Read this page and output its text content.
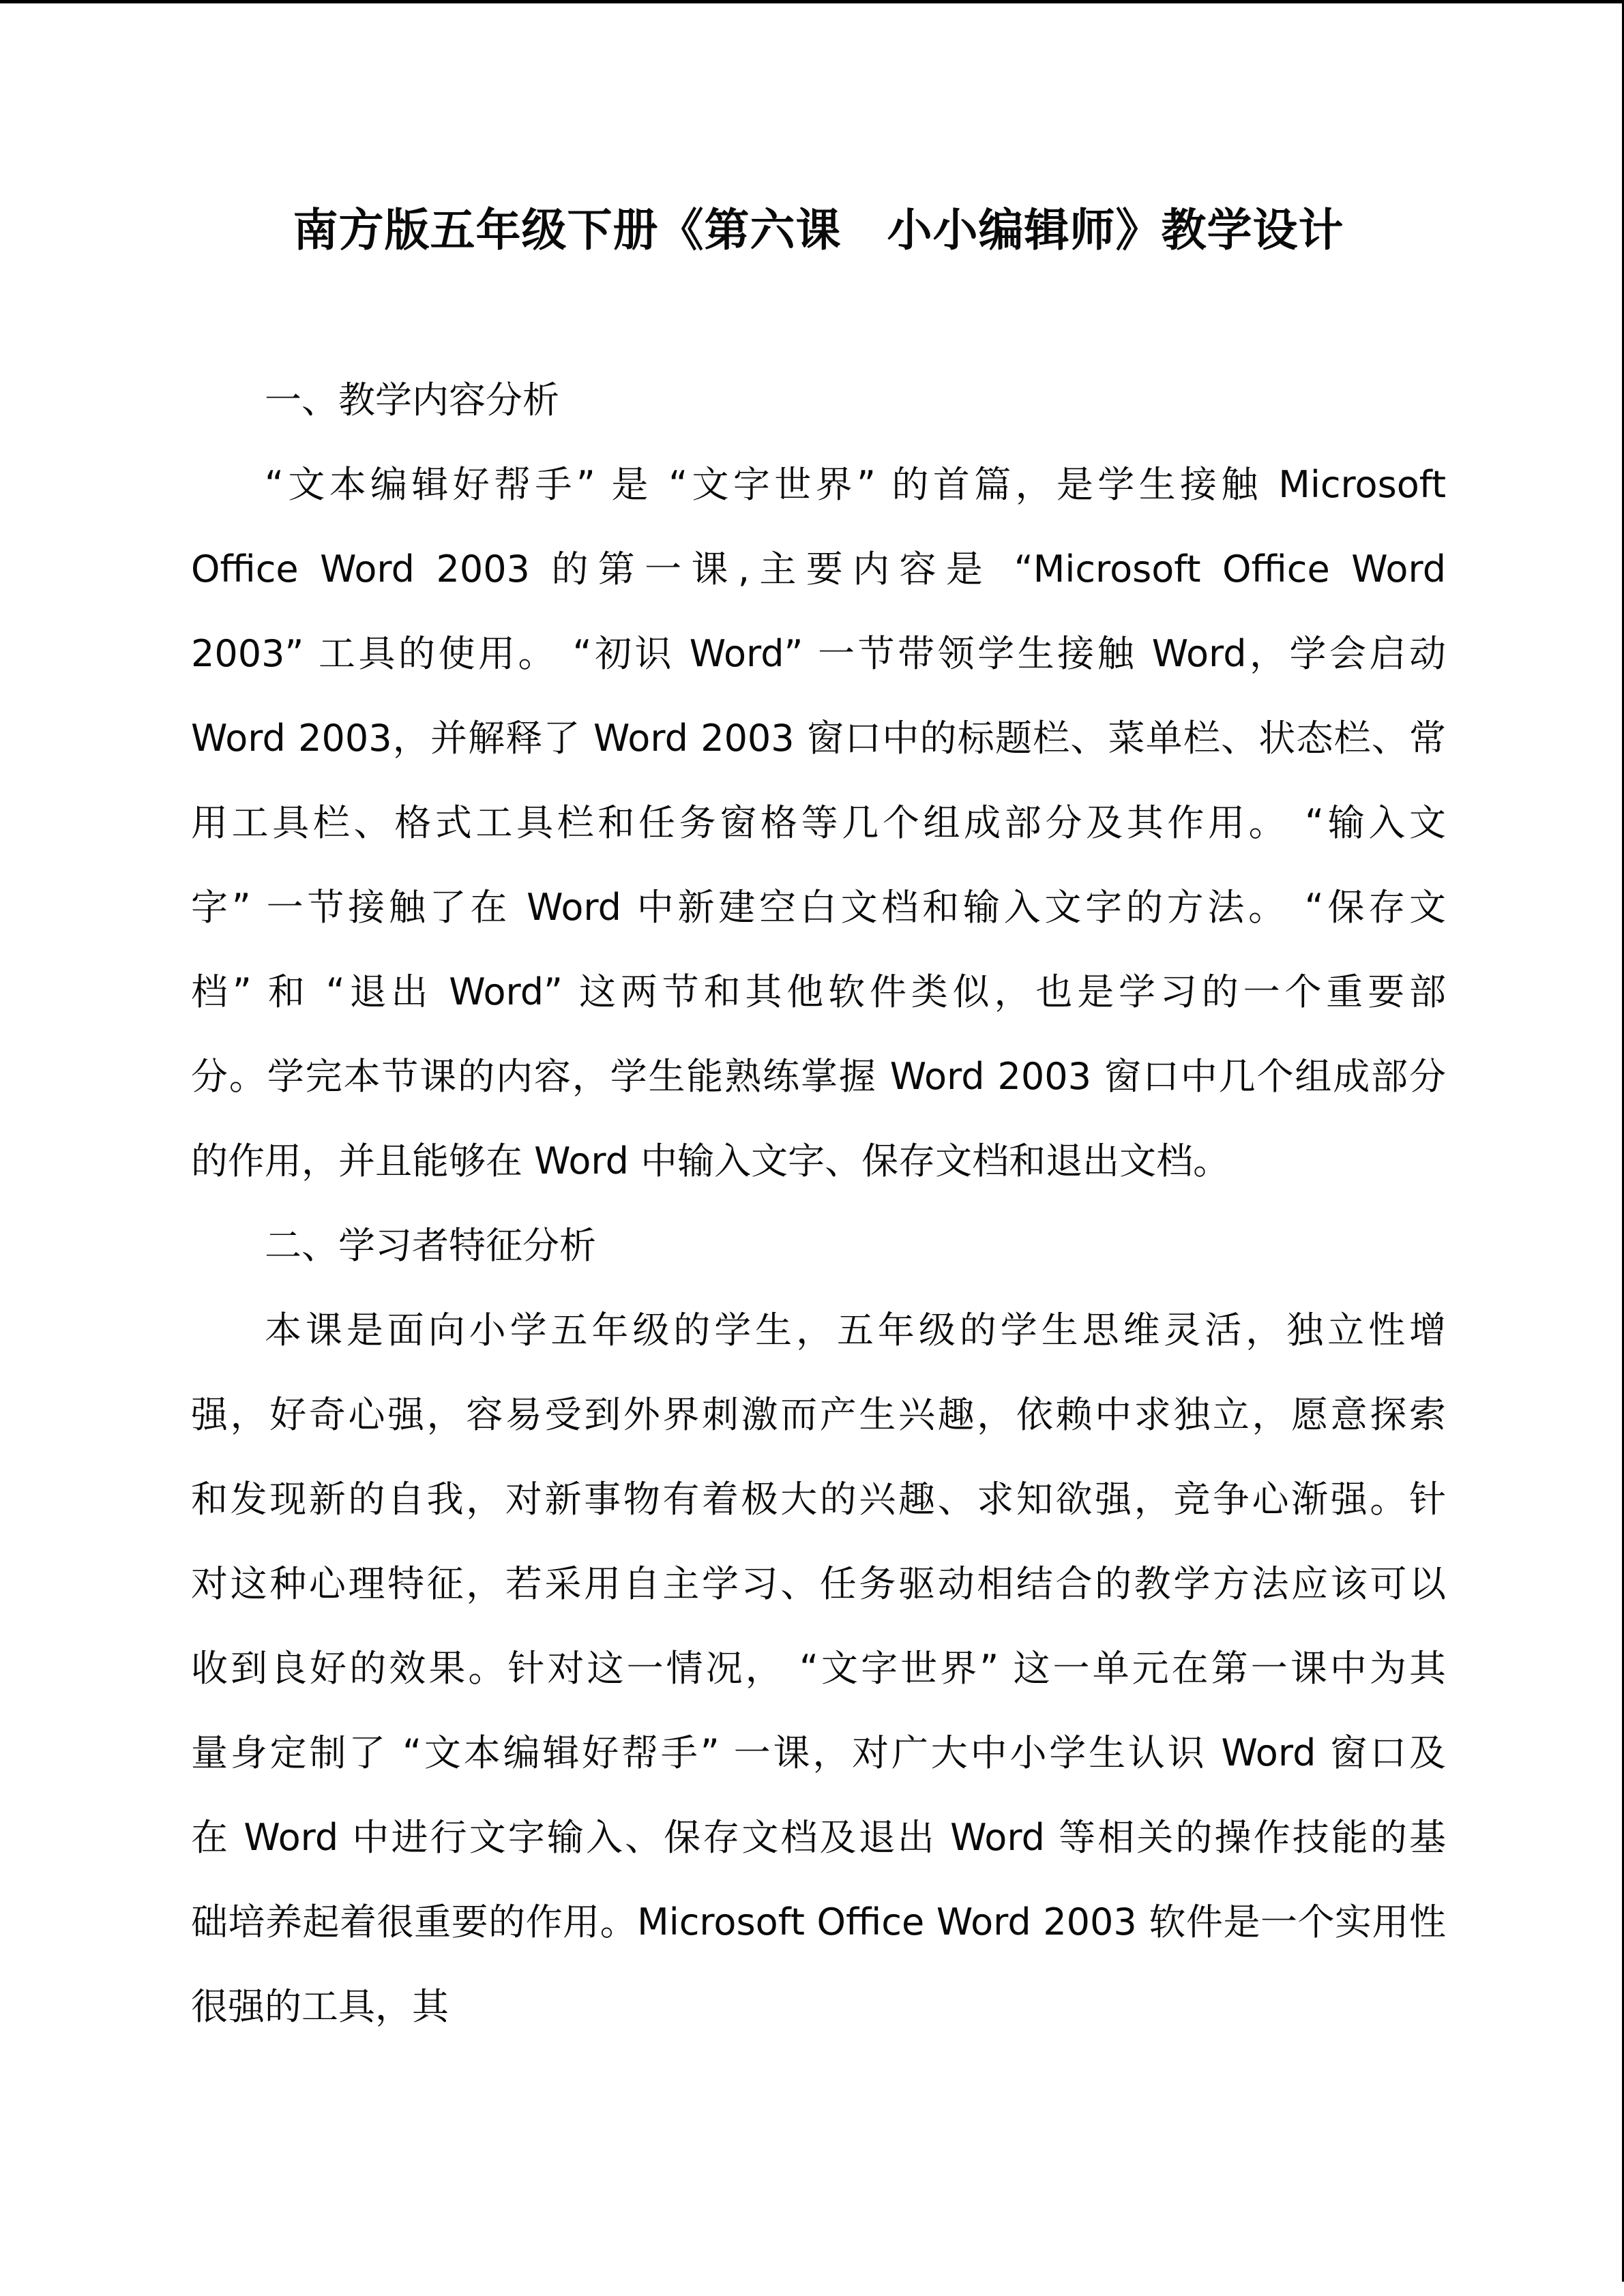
南方版五年级下册《第六课　小小编辑师》教学设计
一、教学内容分析
“文本编辑好帮手” 是 “文字世界” 的首篇，是学生接触 Microsoft
Office Word 2003 的第一课,主要内容是 “Microsoft Office Word
2003” 工具的使用。 “初识 Word” 一节带领学生接触 Word，学会启动
Word 2003，并解释了 Word 2003 窗口中的标题栏、菜单栏、状态栏、常
用工具栏、格式工具栏和任务窗格等几个组成部分及其作用。 “输入文
字” 一节接触了在 Word 中新建空白文档和输入文字的方法。 “保存文
档” 和 “退出 Word” 这两节和其他软件类似，也是学习的一个重要部
分。学完本节课的内容，学生能熟练掌握 Word 2003 窗口中几个组成部分
的作用，并且能够在 Word 中输入文字、保存文档和退出文档。
二、学习者特征分析
本课是面向小学五年级的学生，五年级的学生思维灵活，独立性增
强，好奇心强，容易受到外界刺激而产生兴趣，依赖中求独立，愿意探索
和发现新的自我，对新事物有着极大的兴趣、求知欲强，竞争心渐强。针
对这种心理特征，若采用自主学习、任务驱动相结合的教学方法应该可以
收到良好的效果。针对这一情况， “文字世界” 这一单元在第一课中为其
量身定制了 “文本编辑好帮手” 一课，对广大中小学生认识 Word 窗口及
在 Word 中进行文字输入、保存文档及退出 Word 等相关的操作技能的基
础培养起着很重要的作用。Microsoft Office Word 2003 软件是一个实用性
很强的工具，其
